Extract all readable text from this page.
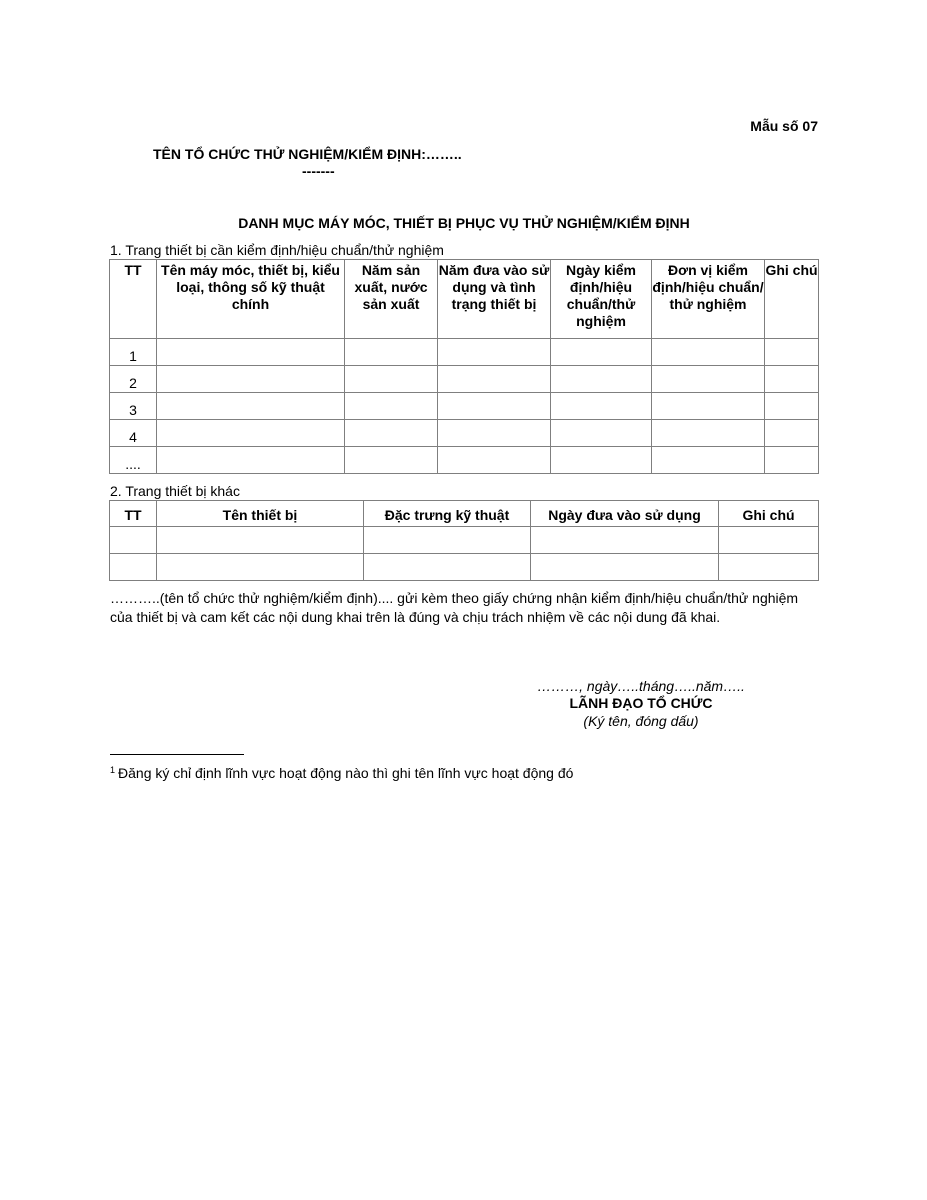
Mẫu số 07
TÊN TỔ CHỨC THỬ NGHIỆM/KIỂM ĐỊNH:……..
-------
DANH MỤC MÁY MÓC, THIẾT BỊ PHỤC VỤ THỬ NGHIỆM/KIỂM ĐỊNH
1. Trang thiết bị cần kiểm định/hiệu chuẩn/thử nghiệm
TT	Tên máy móc, thiết bị, kiểu loại, thông số kỹ thuật chính	Năm sản xuất, nước sản xuất	Năm đưa vào sử dụng và tình trạng thiết bị	Ngày kiểm định/hiệu chuẩn/thử nghiệm	Đơn vị kiểm định/hiệu chuẩn/ thử nghiệm	Ghi chú
1						
2						
3						
4						
....						
2. Trang thiết bị khác
TT	Tên thiết bị	Đặc trưng kỹ thuật	Ngày đưa vào sử dụng	Ghi chú

………..(tên tổ chức thử nghiệm/kiểm định).... gửi kèm theo giấy chứng nhận kiểm định/hiệu chuẩn/thử nghiệm của thiết bị và cam kết các nội dung khai trên là đúng và chịu trách nhiệm về các nội dung đã khai.
………, ngày…..tháng…..năm…..
LÃNH ĐẠO TỔ CHỨC
(Ký tên, đóng dấu)
$^1$ Đăng ký chỉ định lĩnh vực hoạt động nào thì ghi tên lĩnh vực hoạt động đó
